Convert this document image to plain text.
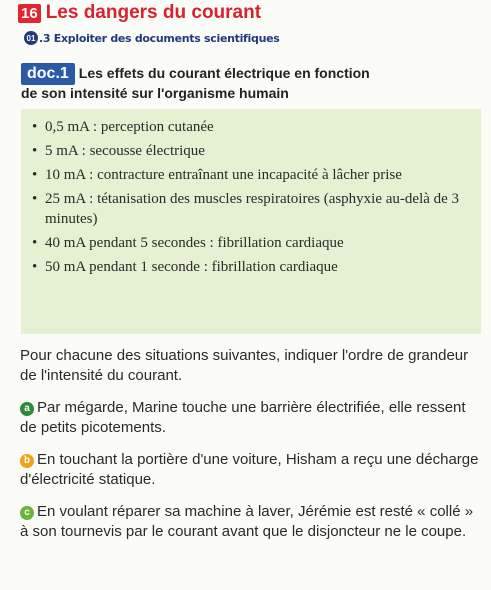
16 Les dangers du courant
01 .3 Exploiter des documents scientifiques
doc.1 Les effets du courant électrique en fonction
de son intensité sur l'organisme humain
• 0,5 mA : perception cutanée
• 5 mA : secousse électrique
• 10 mA : contracture entraînant une incapacité à lâcher prise
• 25 mA : tétanisation des muscles respiratoires (asphyxie au-delà de 3 minutes)
• 40 mA pendant 5 secondes : fibrillation cardiaque
• 50 mA pendant 1 seconde : fibrillation cardiaque

Pour chacune des situations suivantes, indiquer l'ordre de grandeur de l'intensité du courant.

a Par mégarde, Marine touche une barrière électrifiée, elle ressent de petits picotements.

b En touchant la portière d'une voiture, Hisham a reçu une décharge d'électricité statique.

c En voulant réparer sa machine à laver, Jérémie est resté « collé » à son tournevis par le courant avant que le disjoncteur ne le coupe.
